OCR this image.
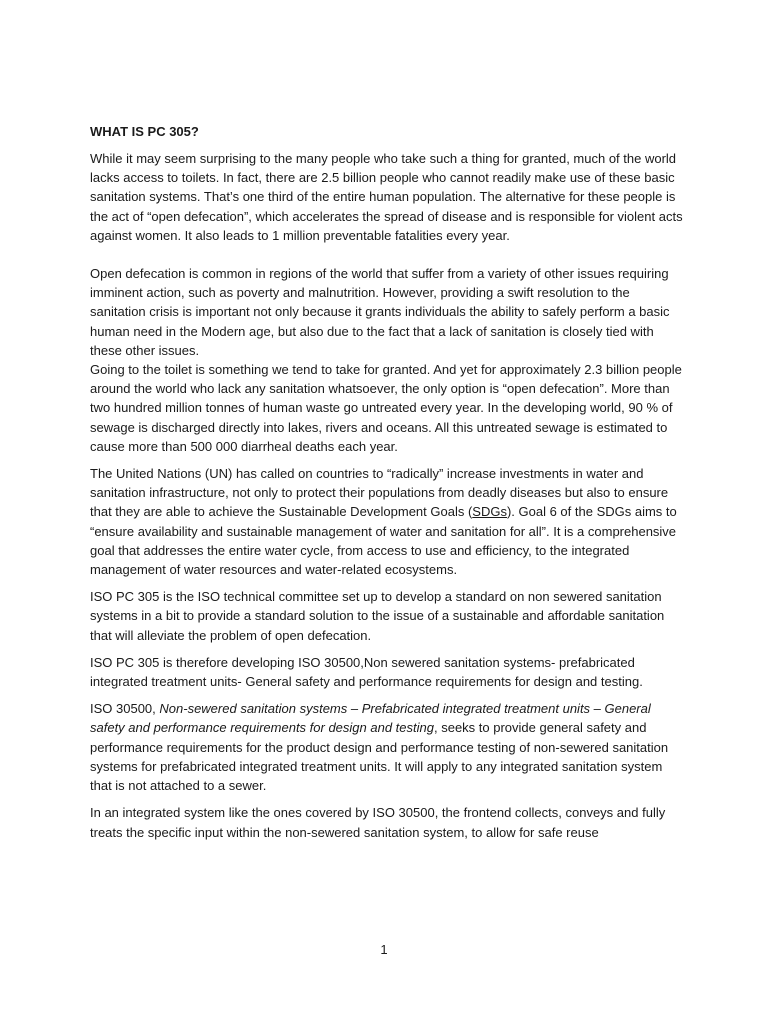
WHAT IS PC 305?

While it may seem surprising to the many people who take such a thing for granted, much of the world lacks access to toilets. In fact, there are 2.5 billion people who cannot readily make use of these basic sanitation systems. That’s one third of the entire human population. The alternative for these people is the act of “open defecation”, which accelerates the spread of disease and is responsible for violent acts against women. It also leads to 1 million preventable fatalities every year.

Open defecation is common in regions of the world that suffer from a variety of other issues requiring imminent action, such as poverty and malnutrition. However, providing a swift resolution to the sanitation crisis is important not only because it grants individuals the ability to safely perform a basic human need in the Modern age, but also due to the fact that a lack of sanitation is closely tied with these other issues.

Going to the toilet is something we tend to take for granted. And yet for approximately 2.3 billion people around the world who lack any sanitation whatsoever, the only option is “open defecation”. More than two hundred million tonnes of human waste go untreated every year. In the developing world, 90 % of sewage is discharged directly into lakes, rivers and oceans. All this untreated sewage is estimated to cause more than 500 000 diarrheal deaths each year.

The United Nations (UN) has called on countries to “radically” increase investments in water and sanitation infrastructure, not only to protect their populations from deadly diseases but also to ensure that they are able to achieve the Sustainable Development Goals (SDGs). Goal 6 of the SDGs aims to “ensure availability and sustainable management of water and sanitation for all”. It is a comprehensive goal that addresses the entire water cycle, from access to use and efficiency, to the integrated management of water resources and water-related ecosystems.

ISO PC 305 is the ISO technical committee set up to develop a standard on non sewered sanitation systems in a bit to provide a standard solution to the issue of a sustainable and affordable sanitation that will alleviate the problem of open defecation.

ISO PC 305 is therefore developing ISO 30500,Non sewered sanitation systems- prefabricated integrated treatment units- General safety and performance requirements for design and testing.

ISO 30500, Non-sewered sanitation systems – Prefabricated integrated treatment units – General safety and performance requirements for design and testing, seeks to provide general safety and performance requirements for the product design and performance testing of non-sewered sanitation systems for prefabricated integrated treatment units. It will apply to any integrated sanitation system that is not attached to a sewer.

In an integrated system like the ones covered by ISO 30500, the frontend collects, conveys and fully treats the specific input within the non-sewered sanitation system, to allow for safe reuse

1
